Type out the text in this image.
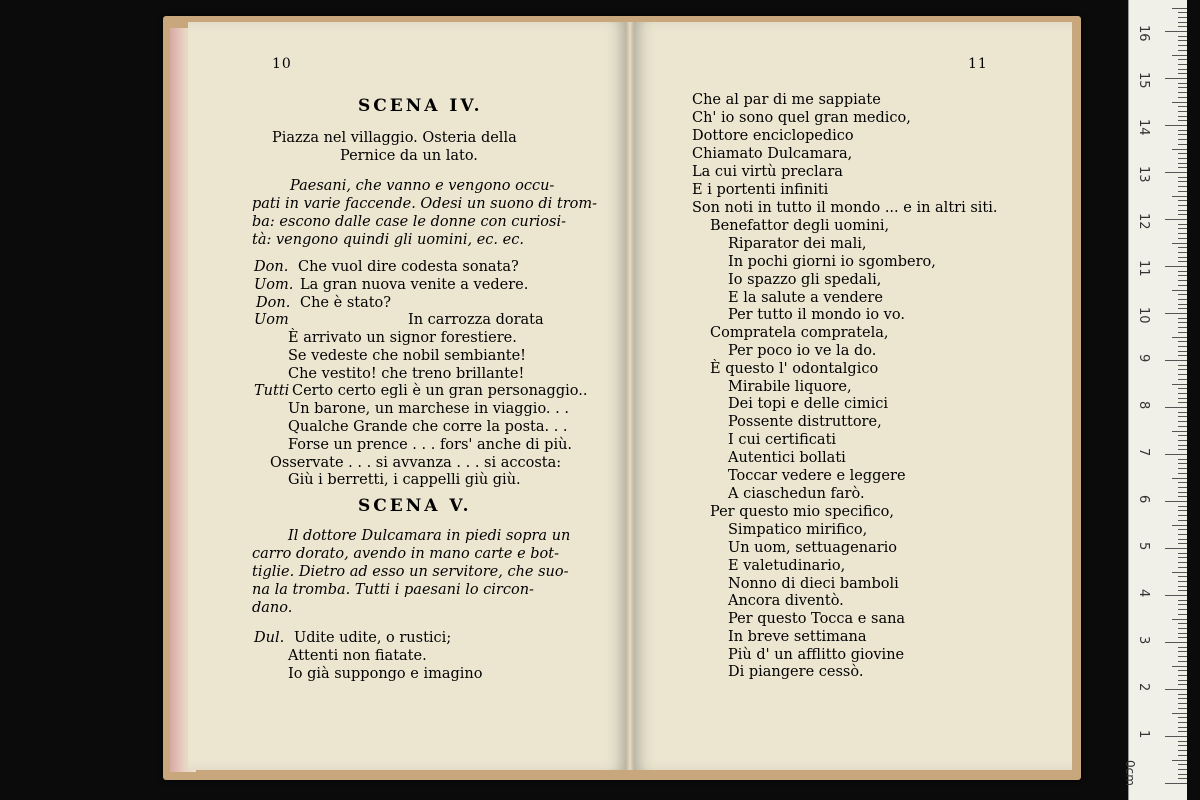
10
SCENA IV.
Piazza nel villaggio. Osteria della
Pernice da un lato.
Paesani, che vanno e vengono occu-
pati in varie faccende. Odesi un suono di trom-
ba: escono dalle case le donne con curiosi-
tà: vengono quindi gli uomini, ec. ec.
Don. Che vuol dire codesta sonata?
Uom. La gran nuova venite a vedere.
Don. Che è stato?
Uom	In carrozza dorata
È arrivato un signor forestiere.
Se vedeste che nobil sembiante!
Che vestito! che treno brillante!
Tutti Certo certo egli è un gran personaggio..
Un barone, un marchese in viaggio. . .
Qualche Grande che corre la posta. . .
Forse un prence . . . fors' anche di più.
Osservate . . . si avvanza . . . si accosta:
Giù i berretti, i cappelli giù giù.
SCENA V.
Il dottore Dulcamara in piedi sopra un
carro dorato, avendo in mano carte e bot-
tiglie. Dietro ad esso un servitore, che suo-
na la tromba. Tutti i paesani lo circon-
dano.
Dul. Udite udite, o rustici;
Attenti non fiatate.
Io già suppongo e imagino
11
Che al par di me sappiate
Ch' io sono quel gran medico,
Dottore enciclopedico
Chiamato Dulcamara,
La cui virtù preclara
E i portenti infiniti
Son noti in tutto il mondo ... e in altri siti.
Benefattor degli uomini,
Riparator dei mali,
In pochi giorni io sgombero,
Io spazzo gli spedali,
E la salute a vendere
Per tutto il mondo io vo.
Compratela compratela,
Per poco io ve la do.
È questo l' odontalgico
Mirabile liquore,
Dei topi e delle cimici
Possente distruttore,
I cui certificati
Autentici bollati
Toccar vedere e leggere
A ciaschedun farò.
Per questo mio specifico,
Simpatico mirifico,
Un uom, settuagenario
E valetudinario,
Nonno di dieci bamboli
Ancora diventò.
Per questo Tocca e sana
In breve settimana
Più d' un afflitto giovine
Di piangere cessò.
0cm
1
2
3
4
5
6
7
8
9
10
11
12
13
14
15
16
